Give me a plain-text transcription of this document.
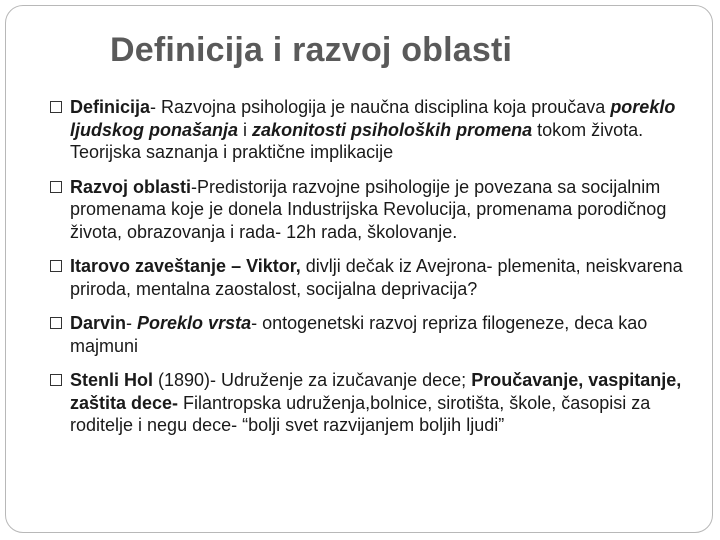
Definicija i razvoj oblasti
Definicija- Razvojna psihologija je naučna disciplina koja proučava poreklo ljudskog ponašanja i zakonitosti psiholoških promena tokom života. Teorijska saznanja i praktične implikacije
Razvoj oblasti-Predistorija razvojne psihologije je povezana sa socijalnim promenama koje je donela Industrijska Revolucija, promenama porodičnog života, obrazovanja i rada- 12h rada, školovanje.
Itarovo zaveštanje – Viktor, divlji dečak iz Avejrona- plemenita, neiskvarena priroda, mentalna zaostalost, socijalna deprivacija?
Darvin- Poreklo vrsta- ontogenetski razvoj repriza filogeneze, deca kao majmuni
Stenli Hol (1890)- Udruženje za izučavanje dece; Proučavanje, vaspitanje, zaštita dece- Filantropska udruženja,bolnice, sirotišta, škole, časopisi za roditelje i negu dece- “bolji svet razvijanjem boljih ljudi”
